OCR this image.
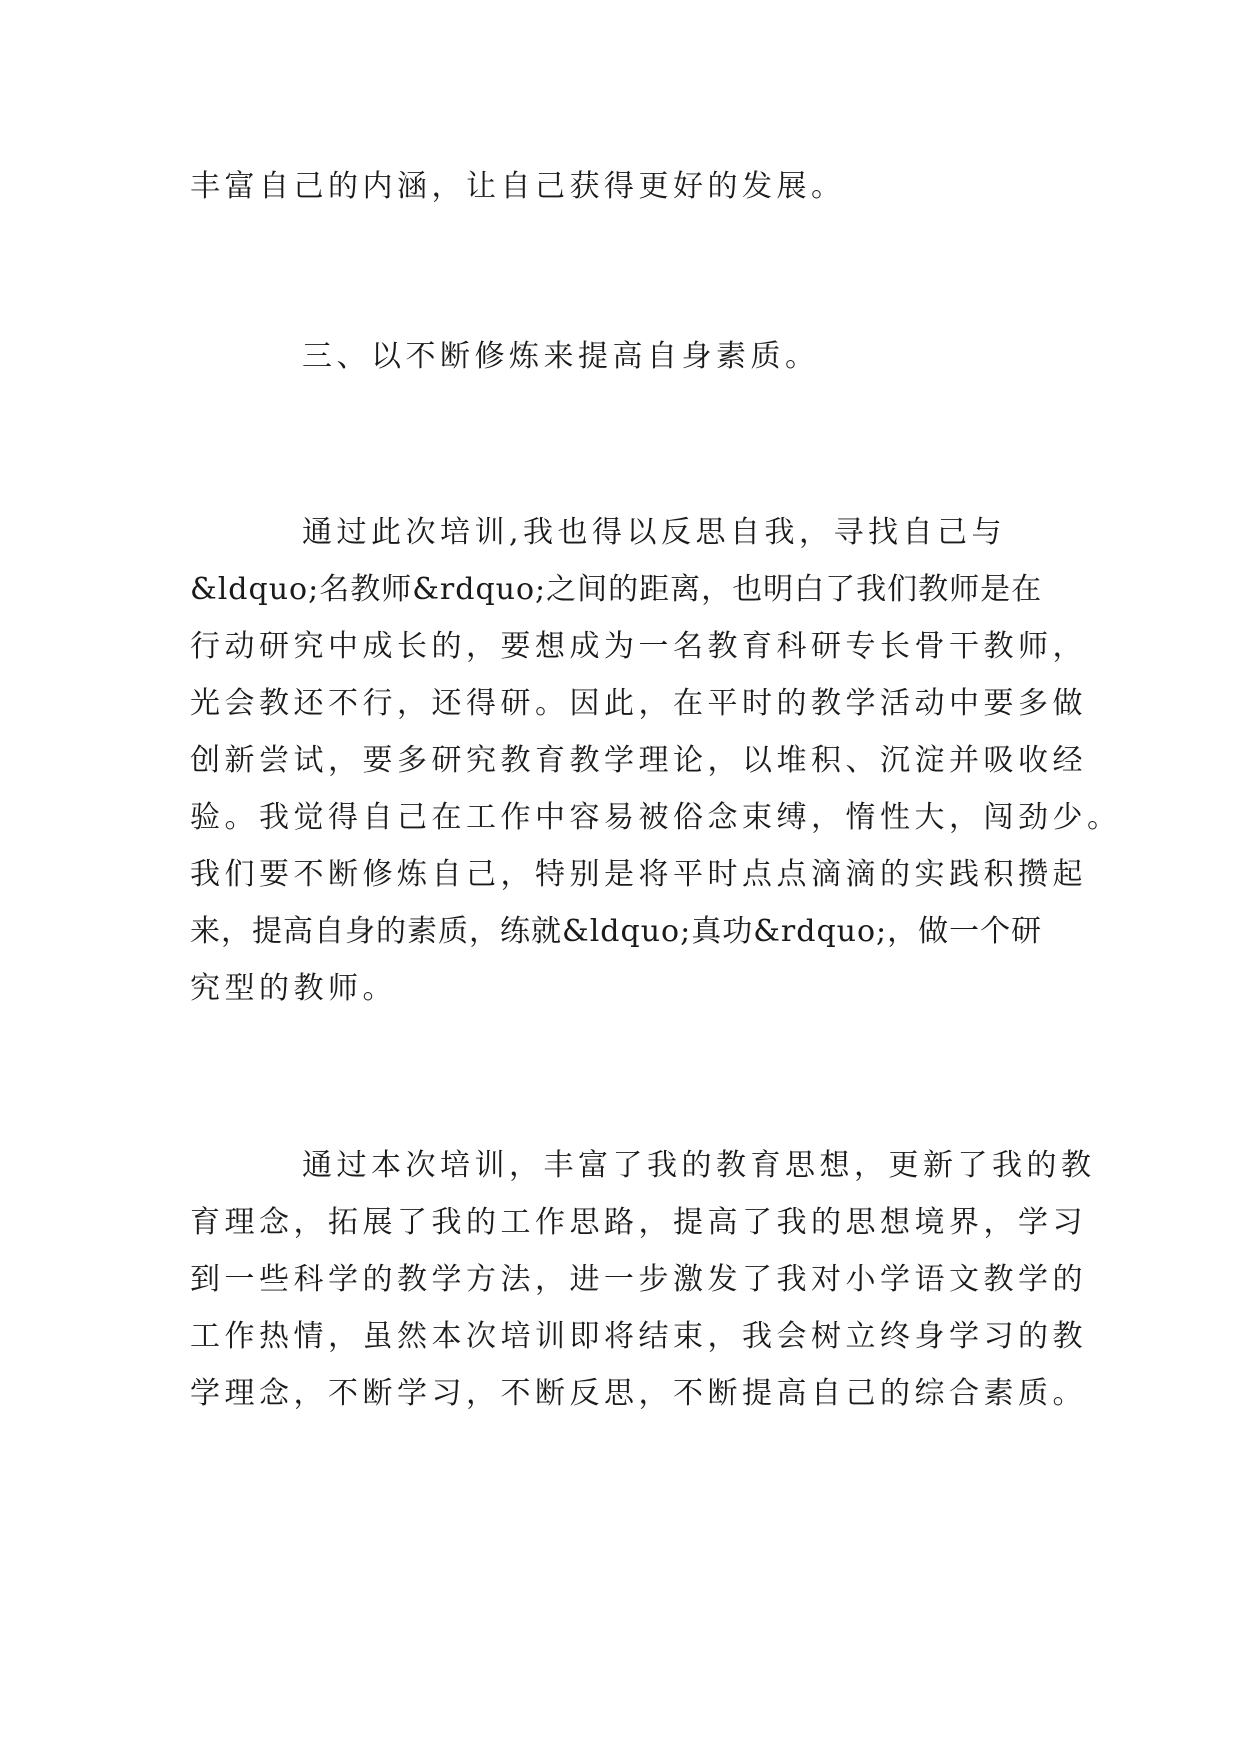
丰富自己的内涵，让自己获得更好的发展。
三、以不断修炼来提高自身素质。
通过此次培训,我也得以反思自我，寻找自己与
&ldquo;名教师&rdquo;之间的距离，也明白了我们教师是在
行动研究中成长的，要想成为一名教育科研专长骨干教师，
光会教还不行，还得研。因此，在平时的教学活动中要多做
创新尝试，要多研究教育教学理论，以堆积、沉淀并吸收经
验。我觉得自己在工作中容易被俗念束缚，惰性大，闯劲少。
我们要不断修炼自己，特别是将平时点点滴滴的实践积攒起
来，提高自身的素质，练就&ldquo;真功&rdquo;，做一个研
究型的教师。
通过本次培训，丰富了我的教育思想，更新了我的教
育理念，拓展了我的工作思路，提高了我的思想境界，学习
到一些科学的教学方法，进一步激发了我对小学语文教学的
工作热情，虽然本次培训即将结束，我会树立终身学习的教
学理念，不断学习，不断反思，不断提高自己的综合素质。
